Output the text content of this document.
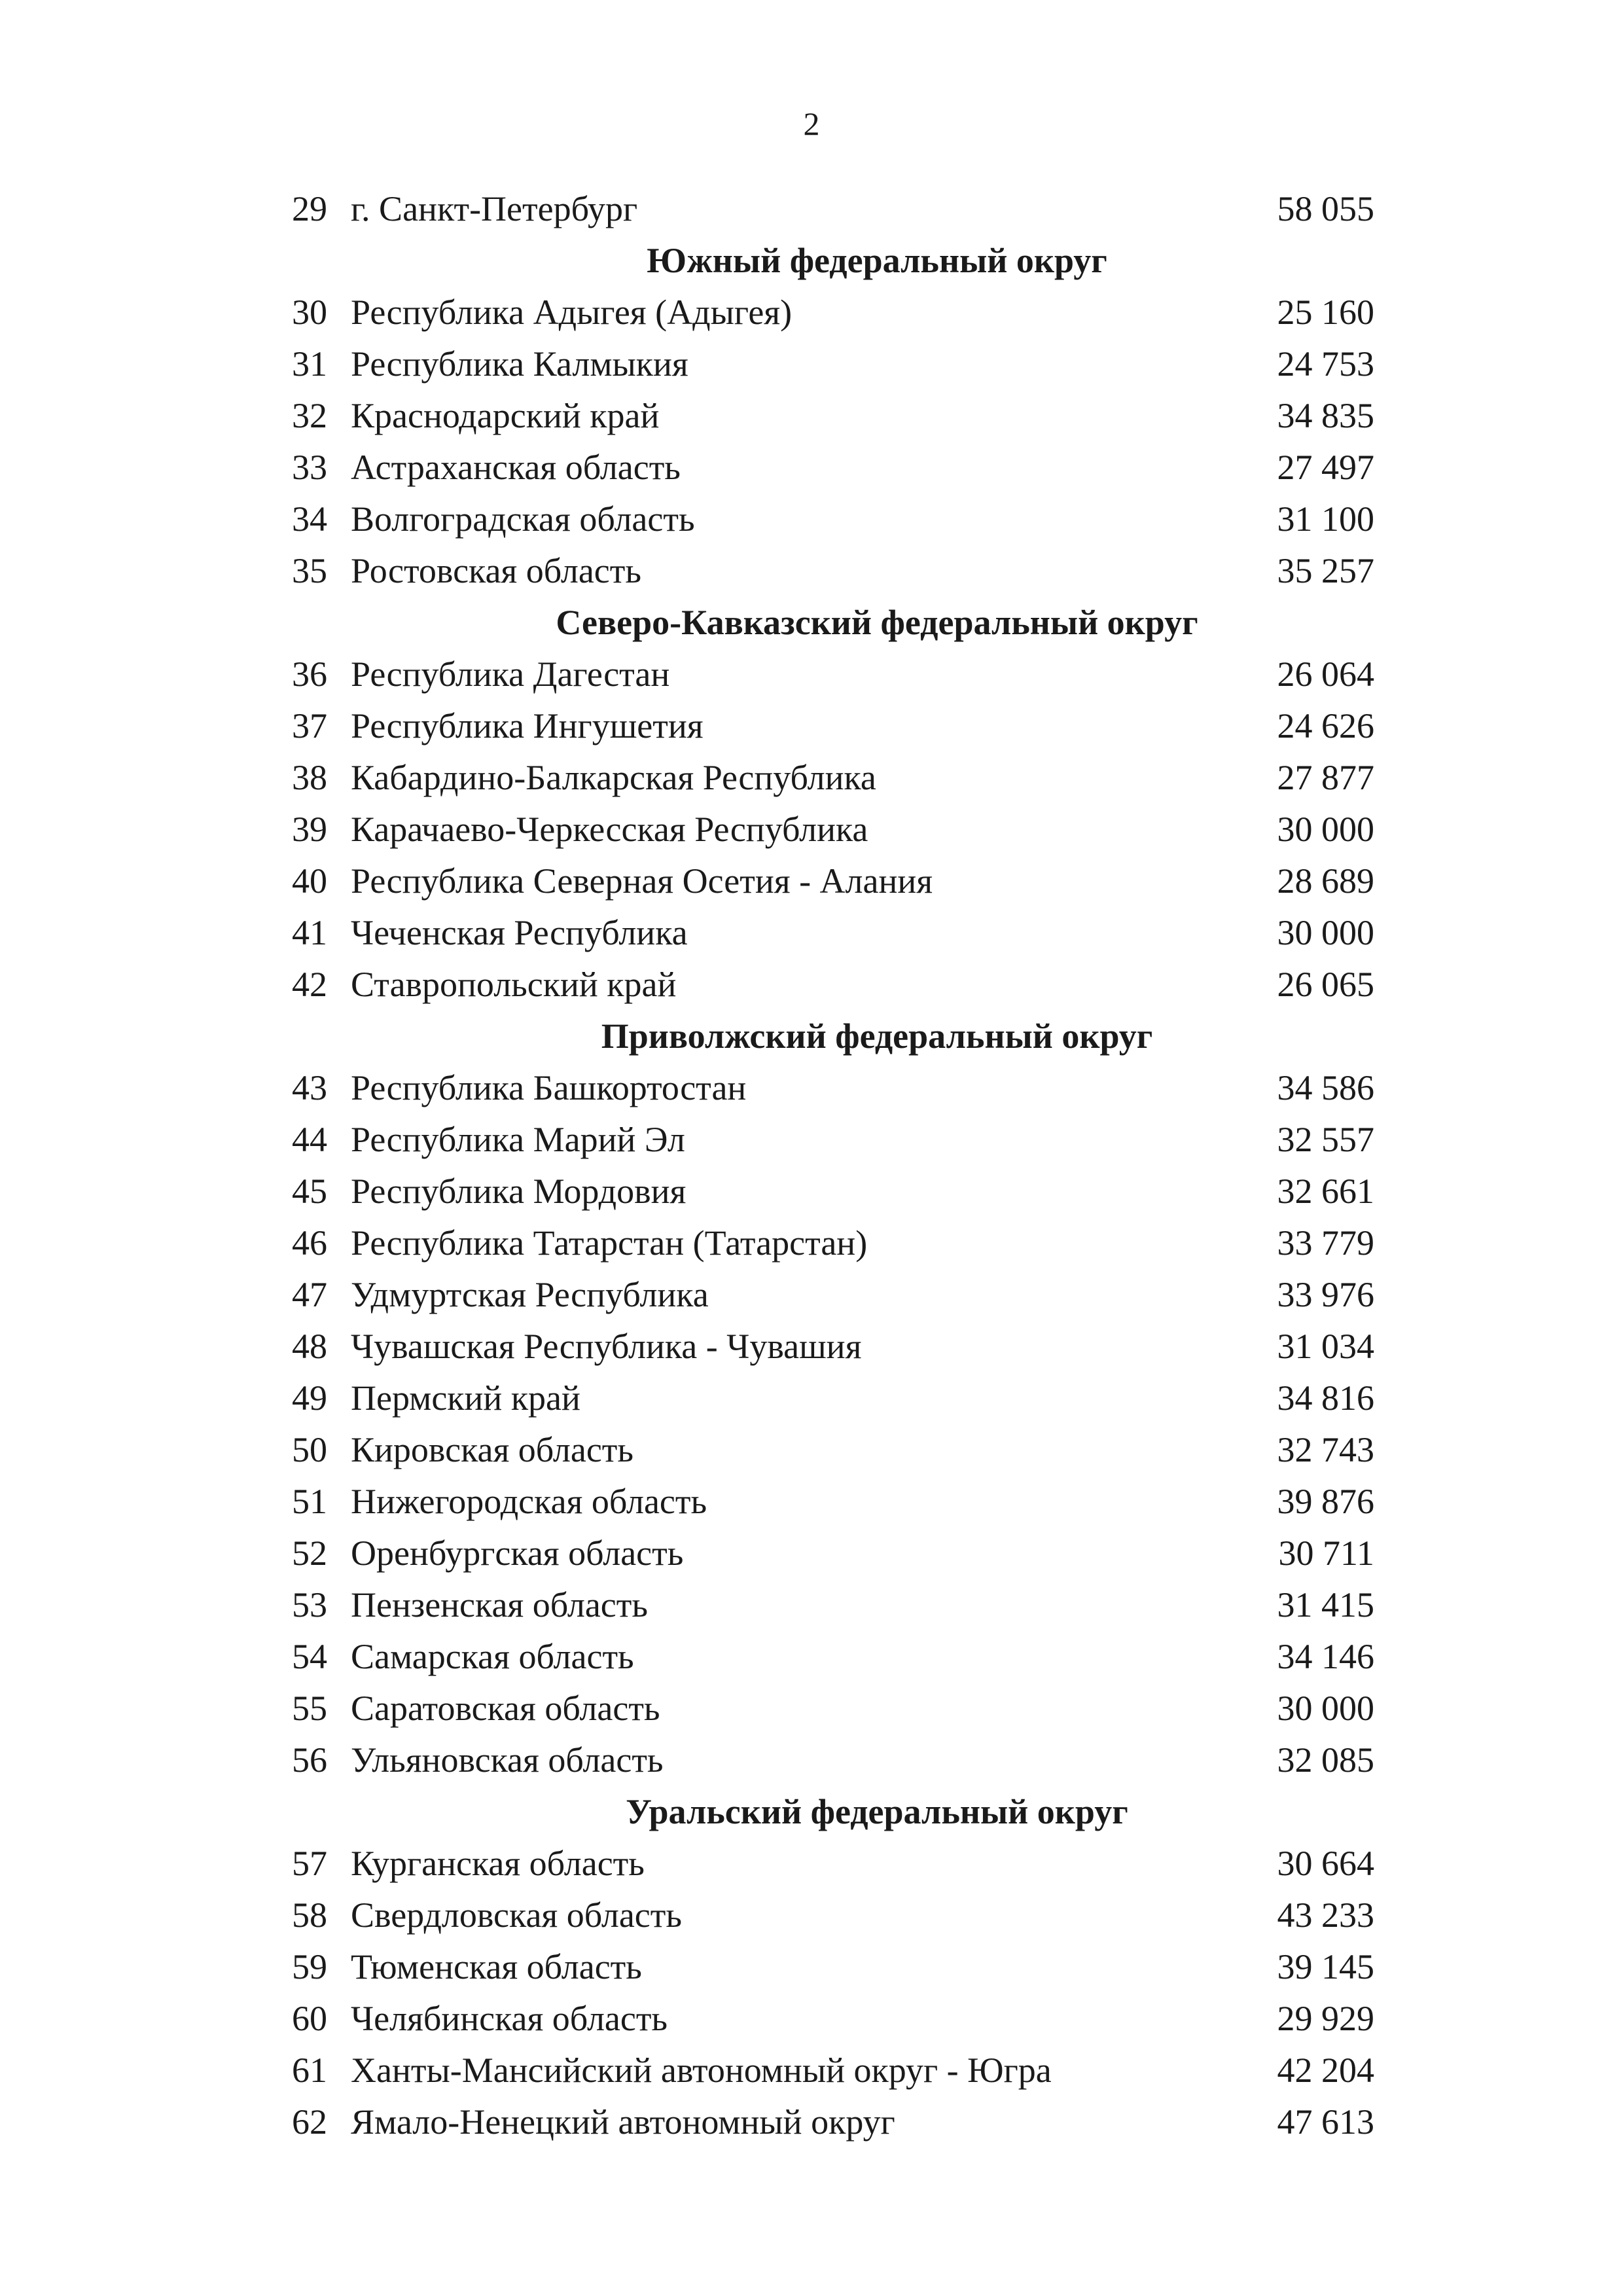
2
29 г. Санкт-Петербург	58 055
Южный федеральный округ
30 Республика Адыгея (Адыгея)	25 160
31 Республика Калмыкия	24 753
32 Краснодарский край	34 835
33 Астраханская область	27 497
34 Волгоградская область	31 100
35 Ростовская область	35 257
Северо-Кавказский федеральный округ
36 Республика Дагестан	26 064
37 Республика Ингушетия	24 626
38 Кабардино-Балкарская Республика	27 877
39 Карачаево-Черкесская Республика	30 000
40 Республика Северная Осетия - Алания	28 689
41 Чеченская Республика	30 000
42 Ставропольский край	26 065
Приволжский федеральный округ
43 Республика Башкортостан	34 586
44 Республика Марий Эл	32 557
45 Республика Мордовия	32 661
46 Республика Татарстан (Татарстан)	33 779
47 Удмуртская Республика	33 976
48 Чувашская Республика - Чувашия	31 034
49 Пермский край	34 816
50 Кировская область	32 743
51 Нижегородская область	39 876
52 Оренбургская область	30 711
53 Пензенская область	31 415
54 Самарская область	34 146
55 Саратовская область	30 000
56 Ульяновская область	32 085
Уральский федеральный округ
57 Курганская область	30 664
58 Свердловская область	43 233
59 Тюменская область	39 145
60 Челябинская область	29 929
61 Ханты-Мансийский автономный округ - Югра	42 204
62 Ямало-Ненецкий автономный округ	47 613
